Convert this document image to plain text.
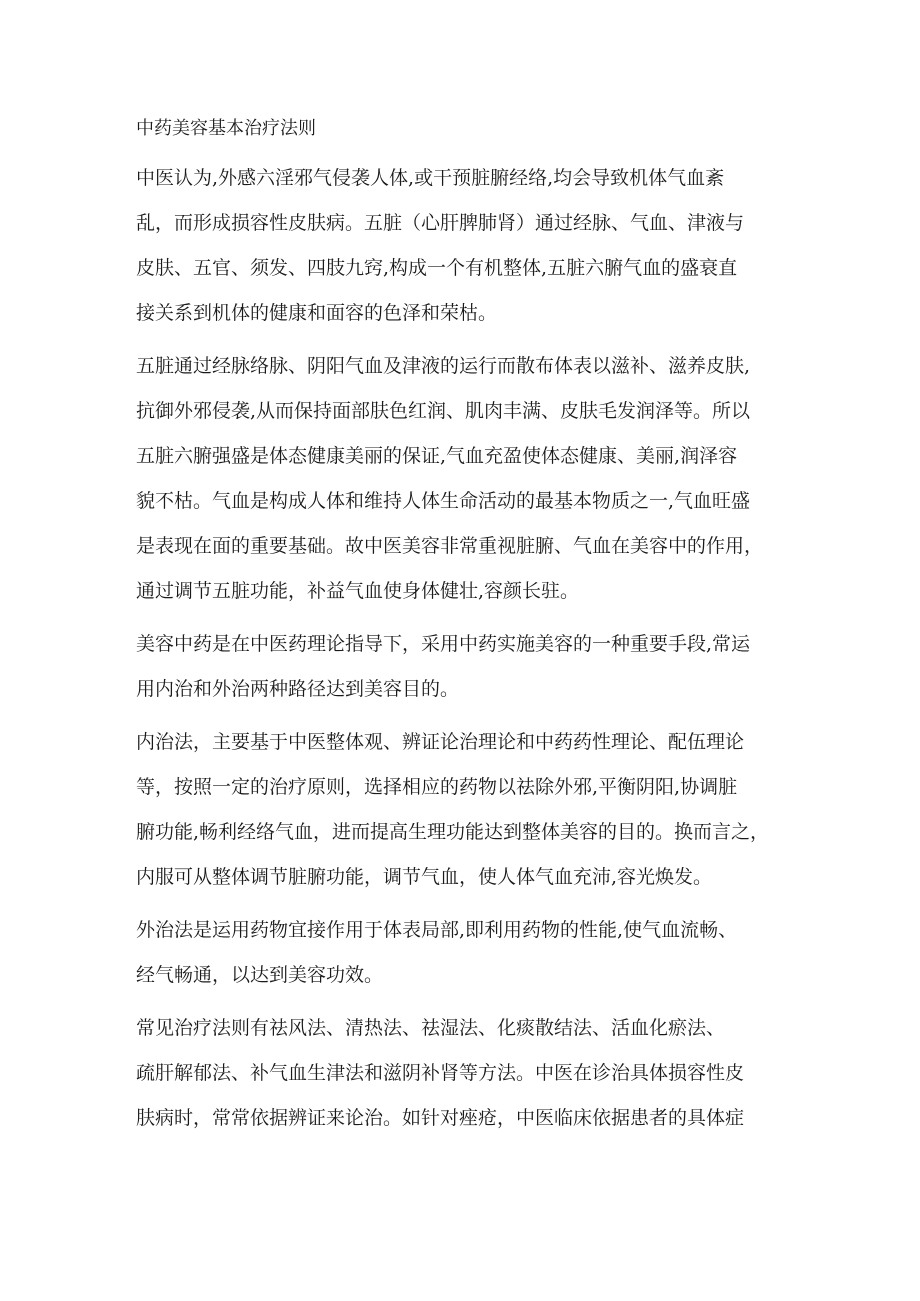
中药美容基本治疗法则
中医认为,外感六淫邪气侵袭人体,或干预脏腑经络,均会导致机体气血紊
乱，而形成损容性皮肤病。五脏（心肝脾肺肾）通过经脉、气血、津液与
皮肤、五官、须发、四肢九窍,构成一个有机整体,五脏六腑气血的盛衰直
接关系到机体的健康和面容的色泽和荣枯。
五脏通过经脉络脉、阴阳气血及津液的运行而散布体表以滋补、滋养皮肤,
抗御外邪侵袭,从而保持面部肤色红润、肌肉丰满、皮肤毛发润泽等。所以
五脏六腑强盛是体态健康美丽的保证,气血充盈使体态健康、美丽,润泽容
貌不枯。气血是构成人体和维持人体生命活动的最基本物质之一,气血旺盛
是表现在面的重要基础。故中医美容非常重视脏腑、气血在美容中的作用，
通过调节五脏功能，补益气血使身体健壮,容颜长驻。
美容中药是在中医药理论指导下，采用中药实施美容的一种重要手段,常运
用内治和外治两种路径达到美容目的。
内治法，主要基于中医整体观、辨证论治理论和中药药性理论、配伍理论
等，按照一定的治疗原则，选择相应的药物以祛除外邪,平衡阴阳,协调脏
腑功能,畅利经络气血，进而提高生理功能达到整体美容的目的。换而言之，
内服可从整体调节脏腑功能，调节气血，使人体气血充沛,容光焕发。
外治法是运用药物宜接作用于体表局部,即利用药物的性能,使气血流畅、
经气畅通，以达到美容功效。
常见治疗法则有祛风法、清热法、祛湿法、化痰散结法、活血化瘀法、
疏肝解郁法、补气血生津法和滋阴补肾等方法。中医在诊治具体损容性皮
肤病时，常常依据辨证来论治。如针对痤疮，中医临床依据患者的具体症
